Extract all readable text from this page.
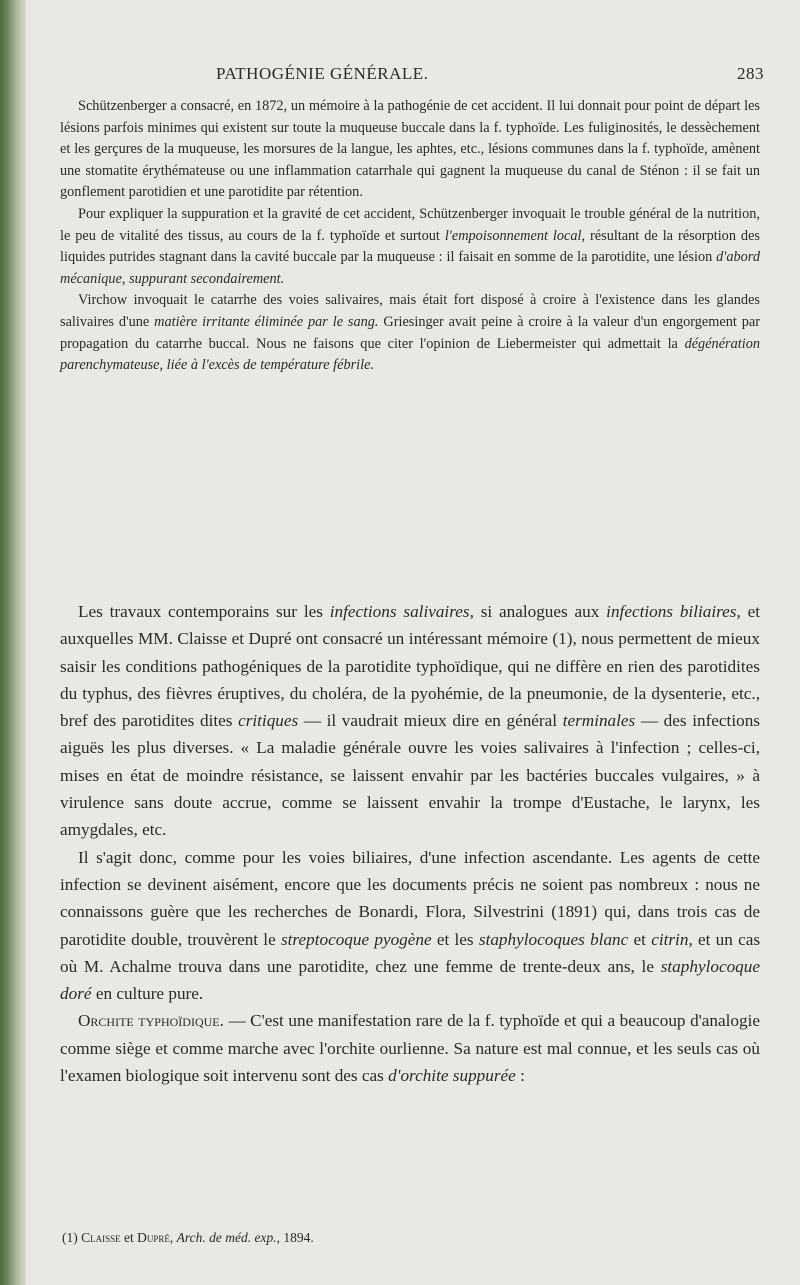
PATHOGÉNIE GÉNÉRALE.	283

Schützenberger a consacré, en 1872, un mémoire à la pathogénie de cet accident. Il lui donnait pour point de départ les lésions parfois minimes qui existent sur toute la muqueuse buccale dans la f. typhoïde. Les fuliginosités, le dessèchement et les gerçures de la muqueuse, les morsures de la langue, les aphtes, etc., lésions communes dans la f. typhoïde, amènent une stomatite érythémateuse ou une inflammation catarrhale qui gagnent la muqueuse du canal de Sténon : il se fait un gonflement parotidien et une parotidite par rétention.

Pour expliquer la suppuration et la gravité de cet accident, Schützenberger invoquait le trouble général de la nutrition, le peu de vitalité des tissus, au cours de la f. typhoïde et surtout l'empoisonnement local, résultant de la résorption des liquides putrides stagnant dans la cavité buccale par la muqueuse : il faisait en somme de la parotidite, une lésion d'abord mécanique, suppurant secondairement.

Virchow invoquait le catarrhe des voies salivaires, mais était fort disposé à croire à l'existence dans les glandes salivaires d'une matière irritante éliminée par le sang. Griesinger avait peine à croire à la valeur d'un engorgement par propagation du catarrhe buccal. Nous ne faisons que citer l'opinion de Liebermeister qui admettait la dégénération parenchymateuse, liée à l'excès de température fébrile.

Les travaux contemporains sur les infections salivaires, si analogues aux infections biliaires, et auxquelles MM. Claisse et Dupré ont consacré un intéressant mémoire (1), nous permettent de mieux saisir les conditions pathogéniques de la parotidite typhoïdique, qui ne diffère en rien des parotidites du typhus, des fièvres éruptives, du choléra, de la pyohémie, de la pneumonie, de la dysenterie, etc., bref des parotidites dites critiques — il vaudrait mieux dire en général terminales — des infections aiguës les plus diverses. « La maladie générale ouvre les voies salivaires à l'infection ; celles-ci, mises en état de moindre résistance, se laissent envahir par les bactéries buccales vulgaires, » à virulence sans doute accrue, comme se laissent envahir la trompe d'Eustache, le larynx, les amygdales, etc.

Il s'agit donc, comme pour les voies biliaires, d'une infection ascendante. Les agents de cette infection se devinent aisément, encore que les documents précis ne soient pas nombreux : nous ne connaissons guère que les recherches de Bonardi, Flora, Silvestrini (1891) qui, dans trois cas de parotidite double, trouvèrent le streptocoque pyogène et les staphylocoques blanc et citrin, et un cas où M. Achalme trouva dans une parotidite, chez une femme de trente-deux ans, le staphylocoque doré en culture pure.

Orchite typhoïdique. — C'est une manifestation rare de la f. typhoïde et qui a beaucoup d'analogie comme siège et comme marche avec l'orchite ourlienne. Sa nature est mal connue, et les seuls cas où l'examen biologique soit intervenu sont des cas d'orchite suppurée :

(1) Claisse et Dupré, Arch. de méd. exp., 1894.
